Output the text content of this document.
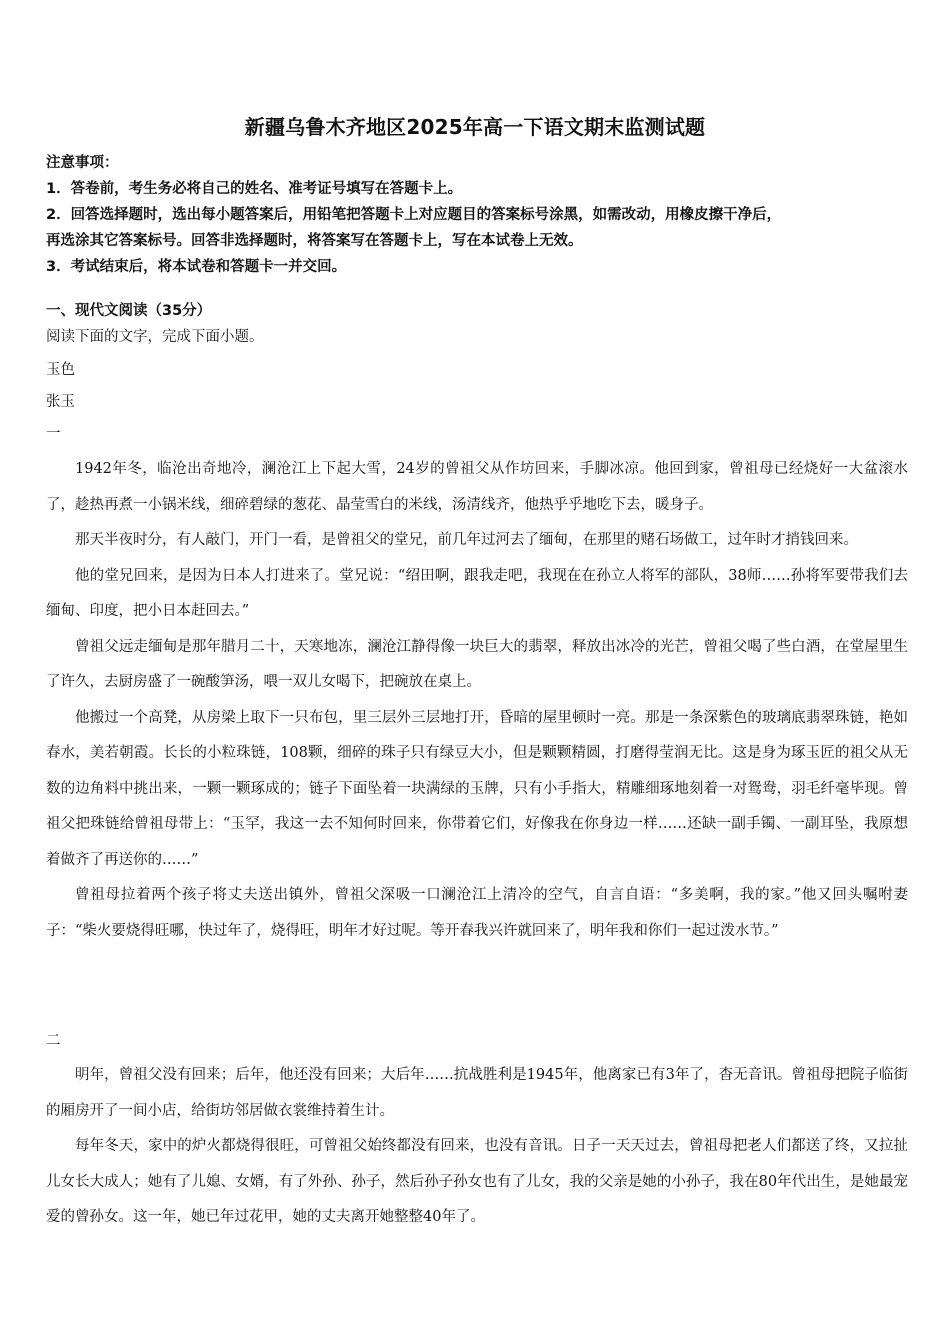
新疆乌鲁木齐地区2025年高一下语文期末监测试题
注意事项：
1．答卷前，考生务必将自己的姓名、准考证号填写在答题卡上。
2．回答选择题时，选出每小题答案后，用铅笔把答题卡上对应题目的答案标号涂黑，如需改动，用橡皮擦干净后，
再选涂其它答案标号。回答非选择题时，将答案写在答题卡上，写在本试卷上无效。
3．考试结束后，将本试卷和答题卡一并交回。
一、现代文阅读（35分）
阅读下面的文字，完成下面小题。
玉色
张玉
一

1942年冬，临沧出奇地冷，澜沧江上下起大雪，24岁的曾祖父从作坊回来，手脚冰凉。他回到家，曾祖母已经烧好一大盆滚水了，趁热再煮一小锅米线，细碎碧绿的葱花、晶莹雪白的米线，汤清线齐，他热乎乎地吃下去，暖身子。

那天半夜时分，有人敲门，开门一看，是曾祖父的堂兄，前几年过河去了缅甸，在那里的赌石场做工，过年时才捎钱回来。

他的堂兄回来，是因为日本人打进来了。堂兄说：“绍田啊，跟我走吧，我现在在孙立人将军的部队，38师……孙将军要带我们去缅甸、印度，把小日本赶回去。”

曾祖父远走缅甸是那年腊月二十，天寒地冻，澜沧江静得像一块巨大的翡翠，释放出冰冷的光芒，曾祖父喝了些白酒，在堂屋里生了许久，去厨房盛了一碗酸笋汤，喂一双儿女喝下，把碗放在桌上。

他搬过一个高凳，从房梁上取下一只布包，里三层外三层地打开，昏暗的屋里顿时一亮。那是一条深紫色的玻璃底翡翠珠链，艳如春水，美若朝霞。长长的小粒珠链，108颗，细碎的珠子只有绿豆大小，但是颗颗精圆，打磨得莹润无比。这是身为琢玉匠的祖父从无数的边角料中挑出来，一颗一颗琢成的；链子下面坠着一块满绿的玉牌，只有小手指大，精雕细琢地刻着一对鸳鸯，羽毛纤毫毕现。曾祖父把珠链给曾祖母带上：“玉罕，我这一去不知何时回来，你带着它们，好像我在你身边一样……还缺一副手镯、一副耳坠，我原想着做齐了再送你的……”

曾祖母拉着两个孩子将丈夫送出镇外，曾祖父深吸一口澜沧江上清冷的空气，自言自语：“多美啊，我的家。”他又回头嘱咐妻子：“柴火要烧得旺哪，快过年了，烧得旺，明年才好过呢。等开春我兴许就回来了，明年我和你们一起过泼水节。”

二

明年，曾祖父没有回来；后年，他还没有回来；大后年……抗战胜利是1945年，他离家已有3年了，杳无音讯。曾祖母把院子临街的厢房开了一间小店，给街坊邻居做衣裳维持着生计。

每年冬天，家中的炉火都烧得很旺，可曾祖父始终都没有回来，也没有音讯。日子一天天过去，曾祖母把老人们都送了终，又拉扯儿女长大成人；她有了儿媳、女婿，有了外孙、孙子，然后孙子孙女也有了儿女，我的父亲是她的小孙子，我在80年代出生，是她最宠爱的曾孙女。这一年，她已年过花甲，她的丈夫离开她整整40年了。
